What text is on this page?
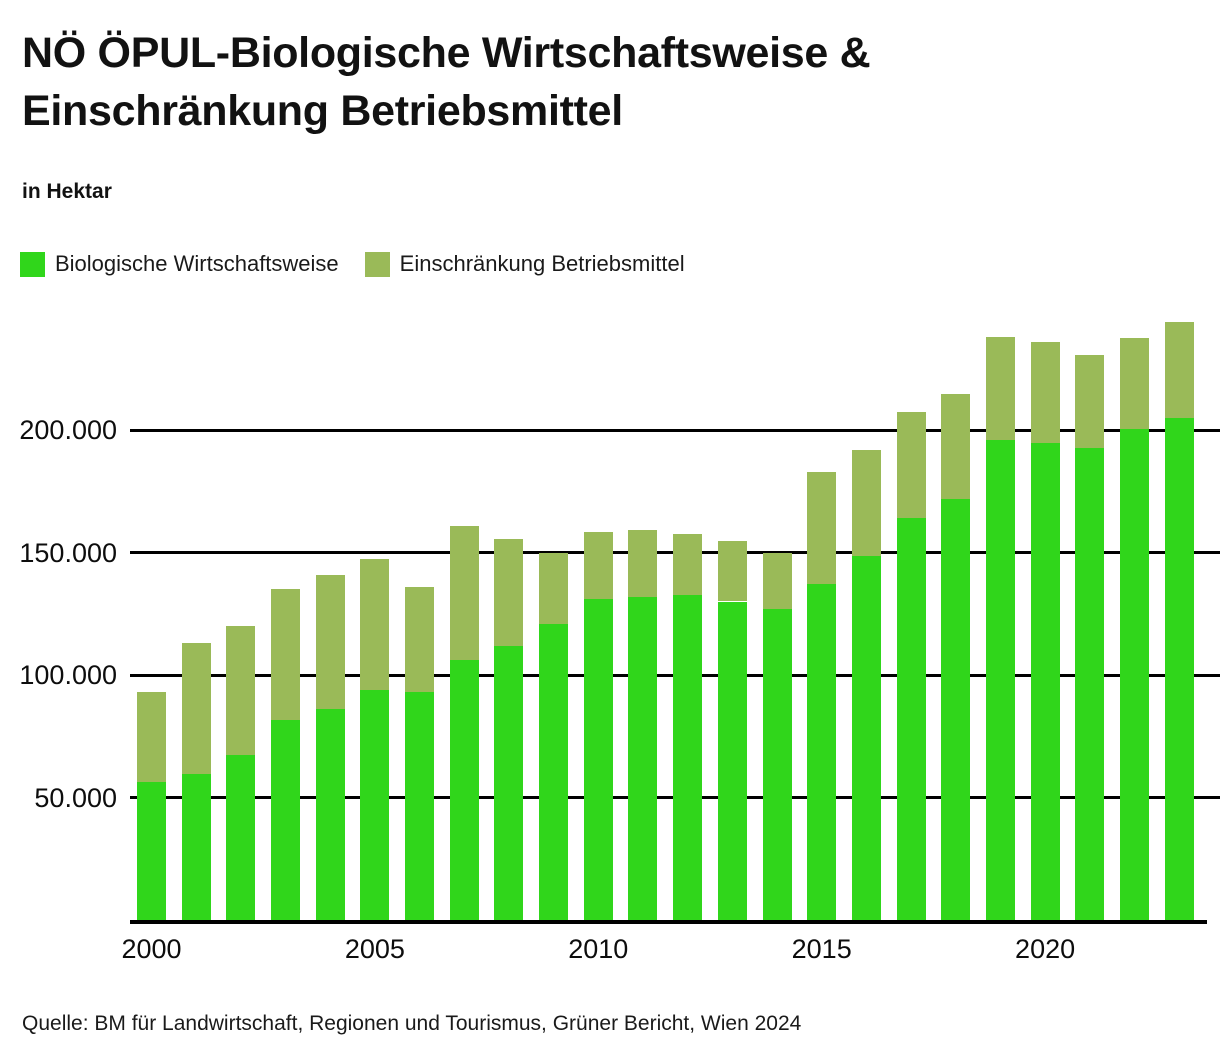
NÖ ÖPUL-Biologische Wirtschaftsweise &
Einschränkung Betriebsmittel
in Hektar
Biologische Wirtschaftsweise	Einschränkung Betriebsmittel
50.000
100.000
150.000
200.000
2000	2005	2010	2015	2020
Quelle: BM für Landwirtschaft, Regionen und Tourismus, Grüner Bericht, Wien 2024
